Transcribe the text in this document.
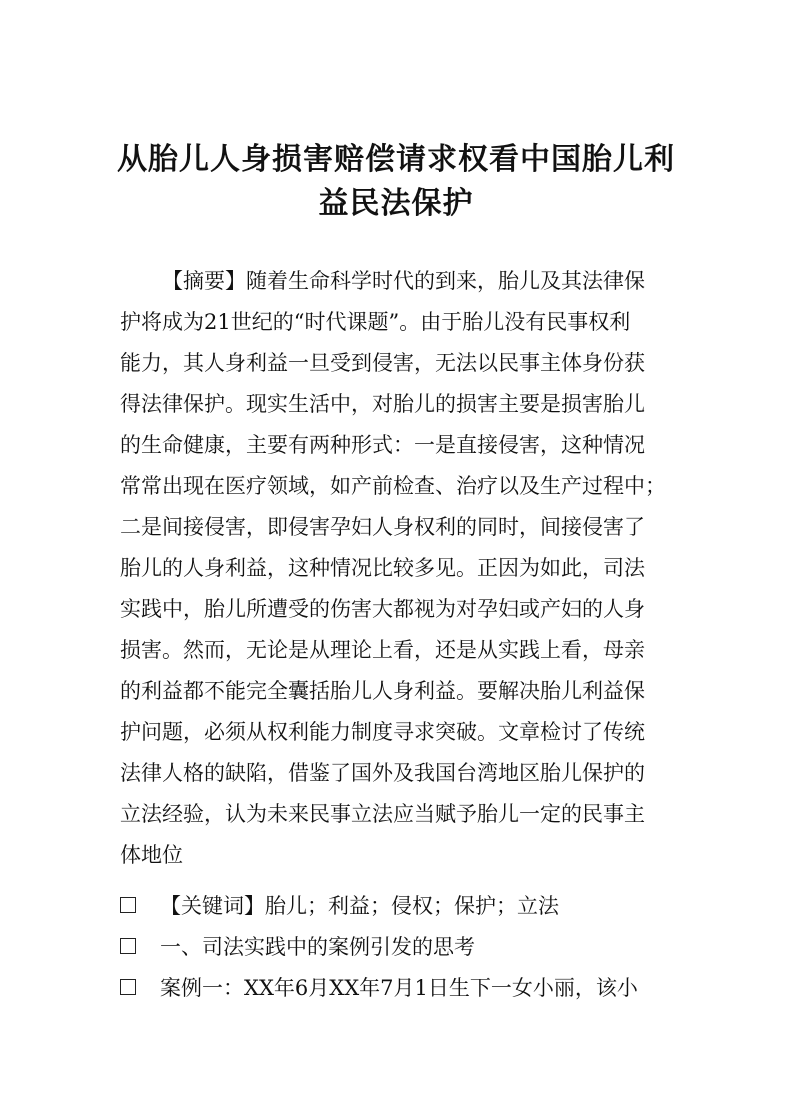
从胎儿人身损害赔偿请求权看中国胎儿利
益民法保护
【摘要】随着生命科学时代的到来，胎儿及其法律保
护将成为21世纪的“时代课题”。由于胎儿没有民事权利
能力，其人身利益一旦受到侵害，无法以民事主体身份获
得法律保护。现实生活中，对胎儿的损害主要是损害胎儿
的生命健康，主要有两种形式：一是直接侵害，这种情况
常常出现在医疗领域，如产前检查、治疗以及生产过程中；
二是间接侵害，即侵害孕妇人身权利的同时，间接侵害了
胎儿的人身利益，这种情况比较多见。正因为如此，司法
实践中，胎儿所遭受的伤害大都视为对孕妇或产妇的人身
损害。然而，无论是从理论上看，还是从实践上看，母亲
的利益都不能完全囊括胎儿人身利益。要解决胎儿利益保
护问题，必须从权利能力制度寻求突破。文章检讨了传统
法律人格的缺陷，借鉴了国外及我国台湾地区胎儿保护的
立法经验，认为未来民事立法应当赋予胎儿一定的民事主
体地位
【关键词】胎儿；利益；侵权；保护；立法
一、司法实践中的案例引发的思考
案例一：XX年6月XX年7月1日生下一女小丽，该小
